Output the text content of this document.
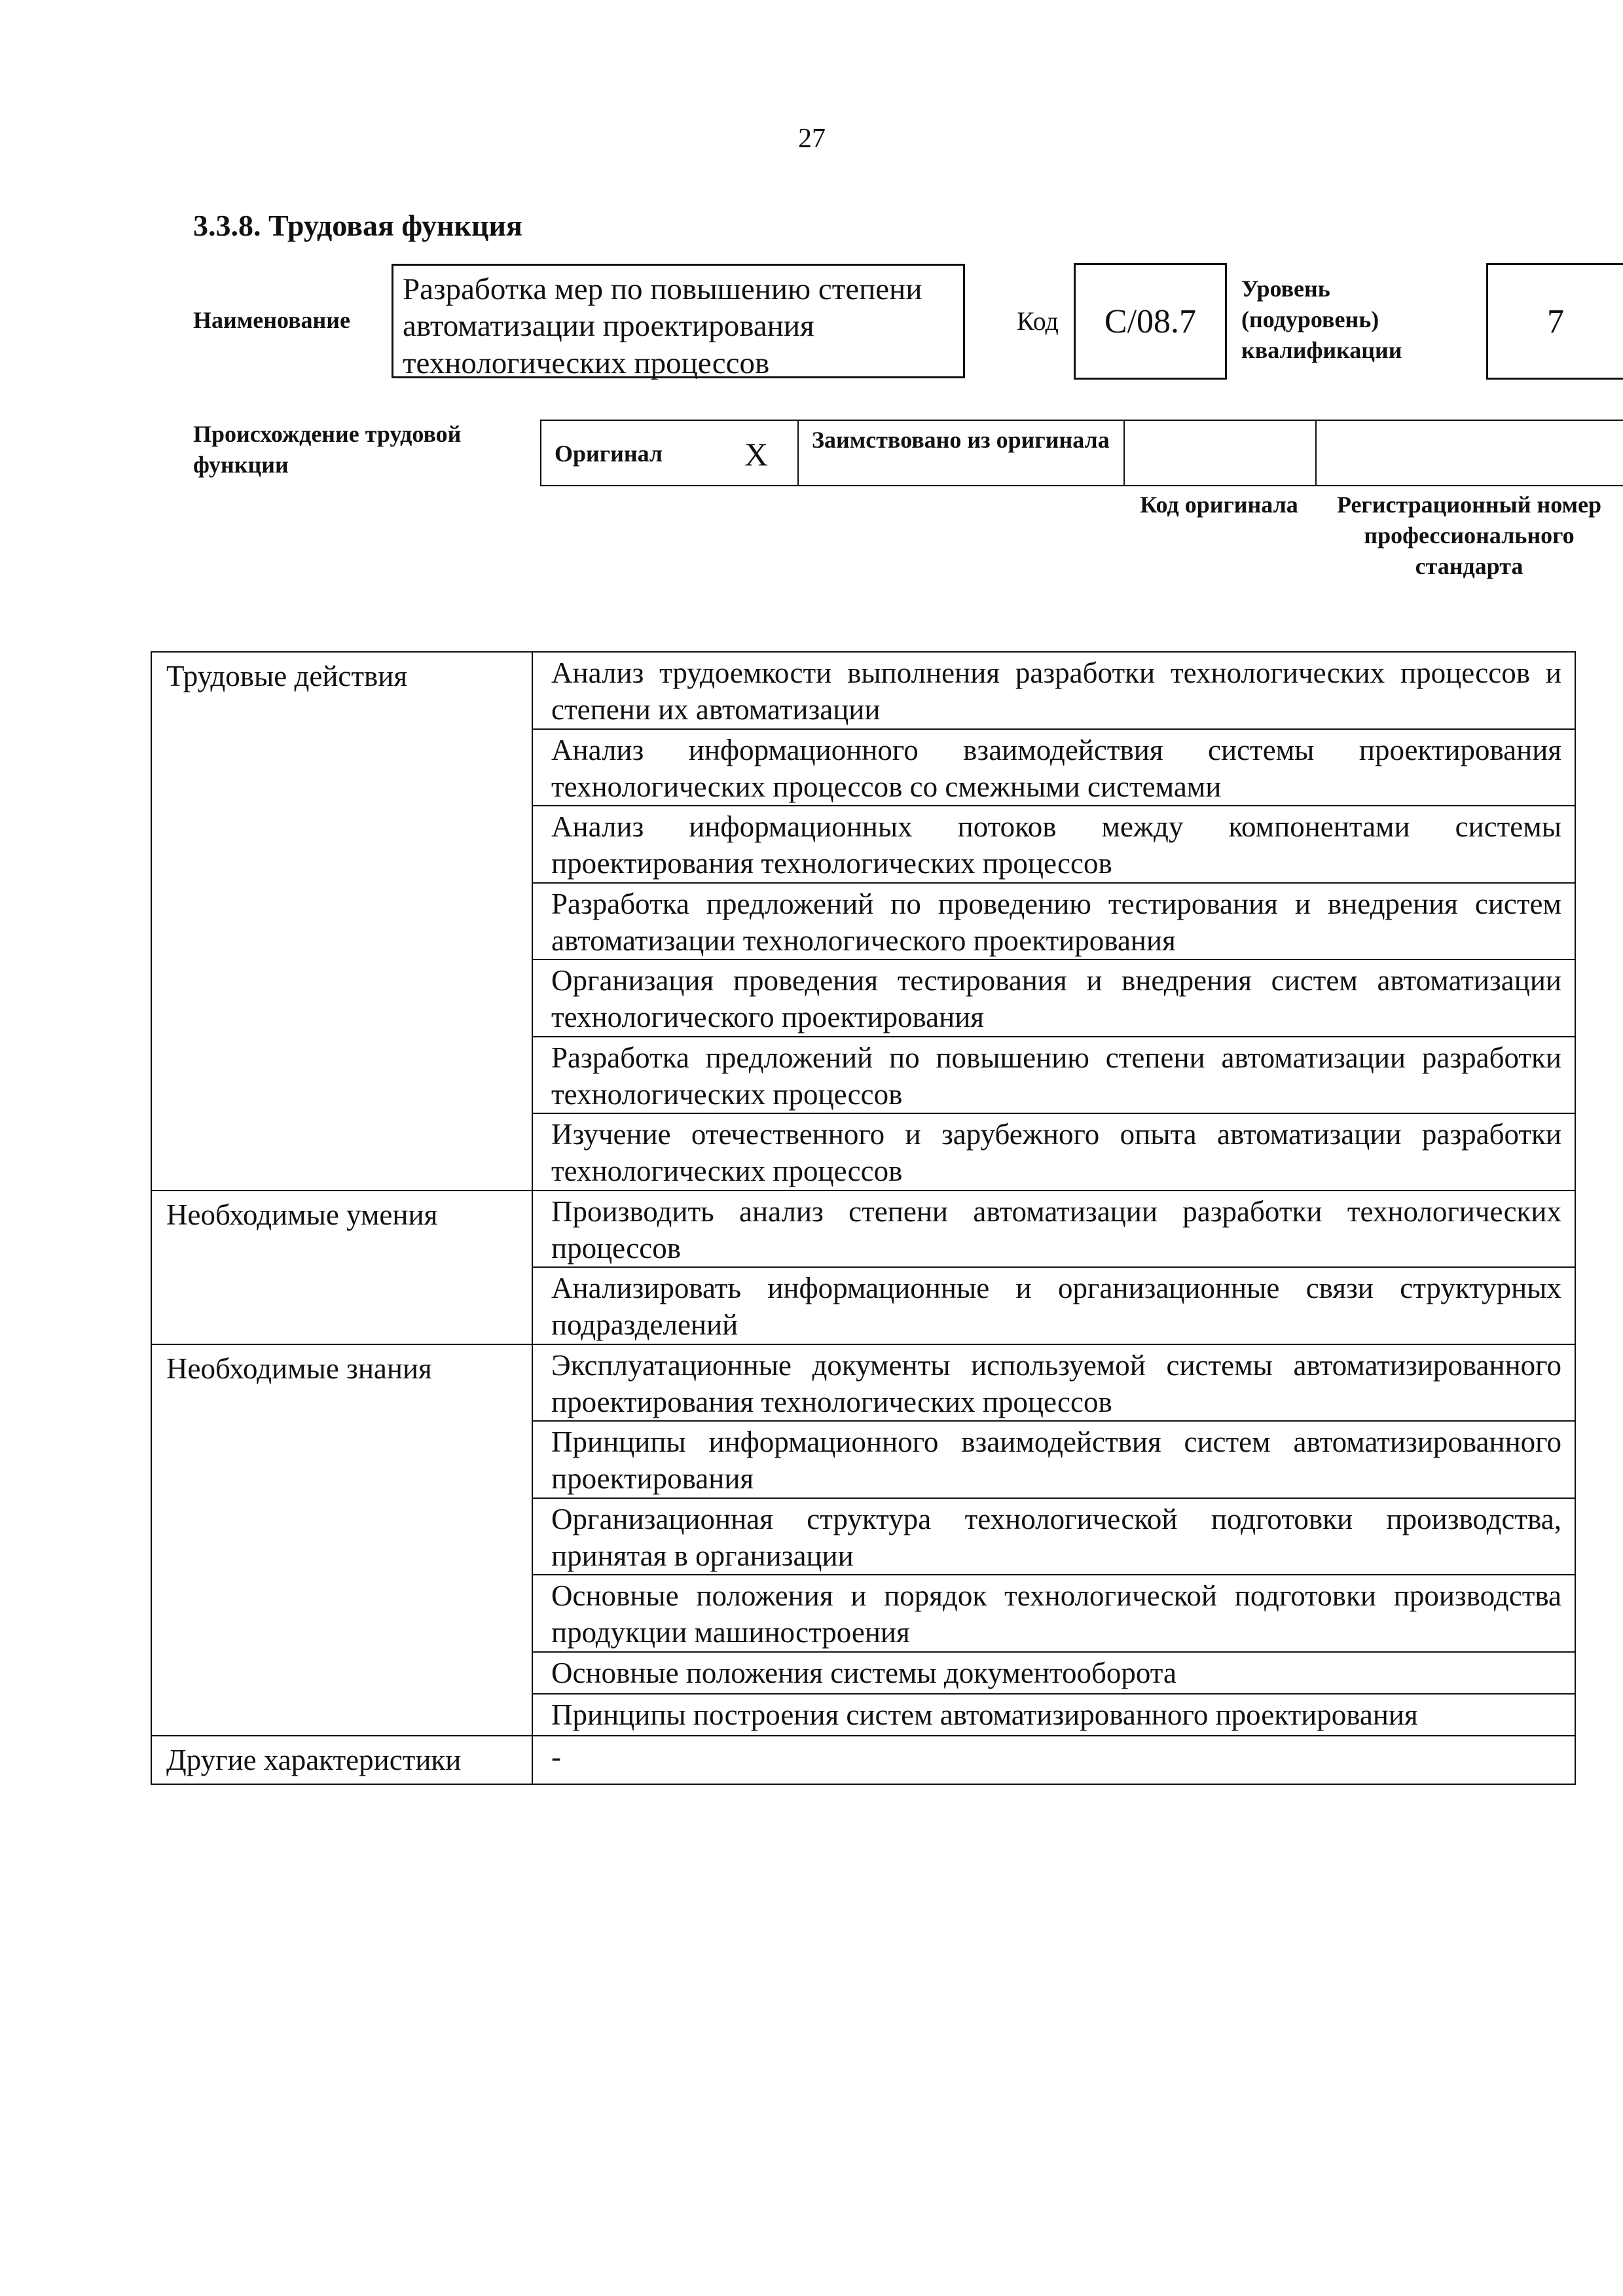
27
3.3.8. Трудовая функция
Наименование
Разработка мер по повышению степени автоматизации проектирования технологических процессов
Код	С/08.7
Уровень (подуровень) квалификации
7
Происхождение трудовой функции	Оригинал X	Заимствовано из оригинала
Код оригинала	Регистрационный номер профессионального стандарта
Трудовые действия	Анализ трудоемкости выполнения разработки технологических процессов и степени их автоматизации
	Анализ информационного взаимодействия системы проектирования технологических процессов со смежными системами
	Анализ информационных потоков между компонентами системы проектирования технологических процессов
	Разработка предложений по проведению тестирования и внедрения систем автоматизации технологического проектирования
	Организация проведения тестирования и внедрения систем автоматизации технологического проектирования
	Разработка предложений по повышению степени автоматизации разработки технологических процессов
	Изучение отечественного и зарубежного опыта автоматизации разработки технологических процессов
Необходимые умения	Производить анализ степени автоматизации разработки технологических процессов
	Анализировать информационные и организационные связи структурных подразделений
Необходимые знания	Эксплуатационные документы используемой системы автоматизированного проектирования технологических процессов
	Принципы информационного взаимодействия систем автоматизированного проектирования
	Организационная структура технологической подготовки производства, принятая в организации
	Основные положения и порядок технологической подготовки производства продукции машиностроения
	Основные положения системы документооборота
	Принципы построения систем автоматизированного проектирования
Другие характеристики	-
